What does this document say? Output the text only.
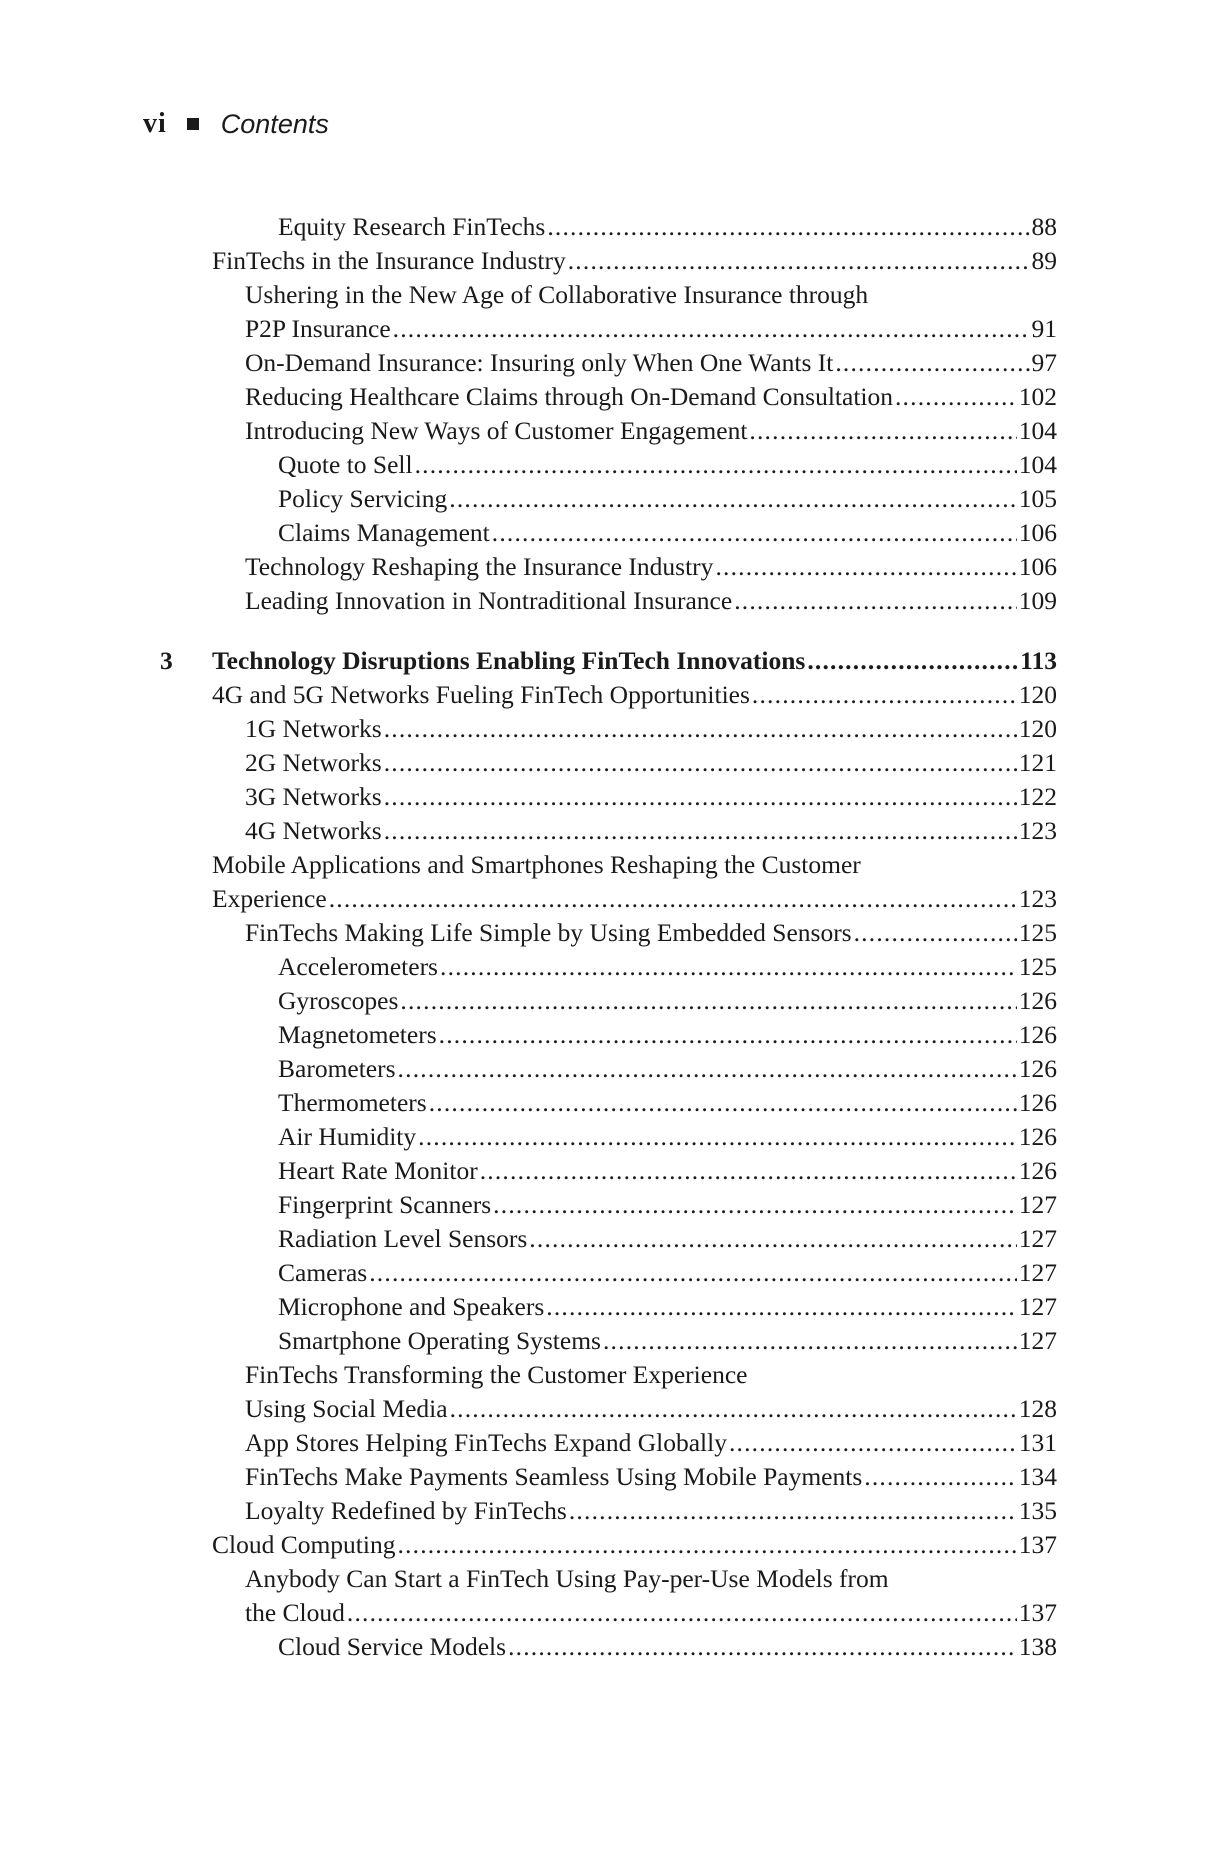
vi Contents
Equity Research FinTechs .....	88
FinTechs in the Insurance Industry .....	89
Ushering in the New Age of Collaborative Insurance through
P2P Insurance .....	91
On-Demand Insurance: Insuring only When One Wants It .....	97
Reducing Healthcare Claims through On-Demand Consultation .....	102
Introducing New Ways of Customer Engagement .....	104
Quote to Sell .....	104
Policy Servicing .....	105
Claims Management .....	106
Technology Reshaping the Insurance Industry .....	106
Leading Innovation in Nontraditional Insurance .....	109
3 Technology Disruptions Enabling FinTech Innovations .....	113
4G and 5G Networks Fueling FinTech Opportunities .....	120
1G Networks .....	120
2G Networks .....	121
3G Networks .....	122
4G Networks .....	123
Mobile Applications and Smartphones Reshaping the Customer
Experience .....	123
FinTechs Making Life Simple by Using Embedded Sensors .....	125
Accelerometers .....	125
Gyroscopes .....	126
Magnetometers .....	126
Barometers .....	126
Thermometers .....	126
Air Humidity .....	126
Heart Rate Monitor .....	126
Fingerprint Scanners .....	127
Radiation Level Sensors .....	127
Cameras .....	127
Microphone and Speakers .....	127
Smartphone Operating Systems .....	127
FinTechs Transforming the Customer Experience
Using Social Media .....	128
App Stores Helping FinTechs Expand Globally .....	131
FinTechs Make Payments Seamless Using Mobile Payments .....	134
Loyalty Redefined by FinTechs .....	135
Cloud Computing .....	137
Anybody Can Start a FinTech Using Pay-per-Use Models from
the Cloud .....	137
Cloud Service Models .....	138
